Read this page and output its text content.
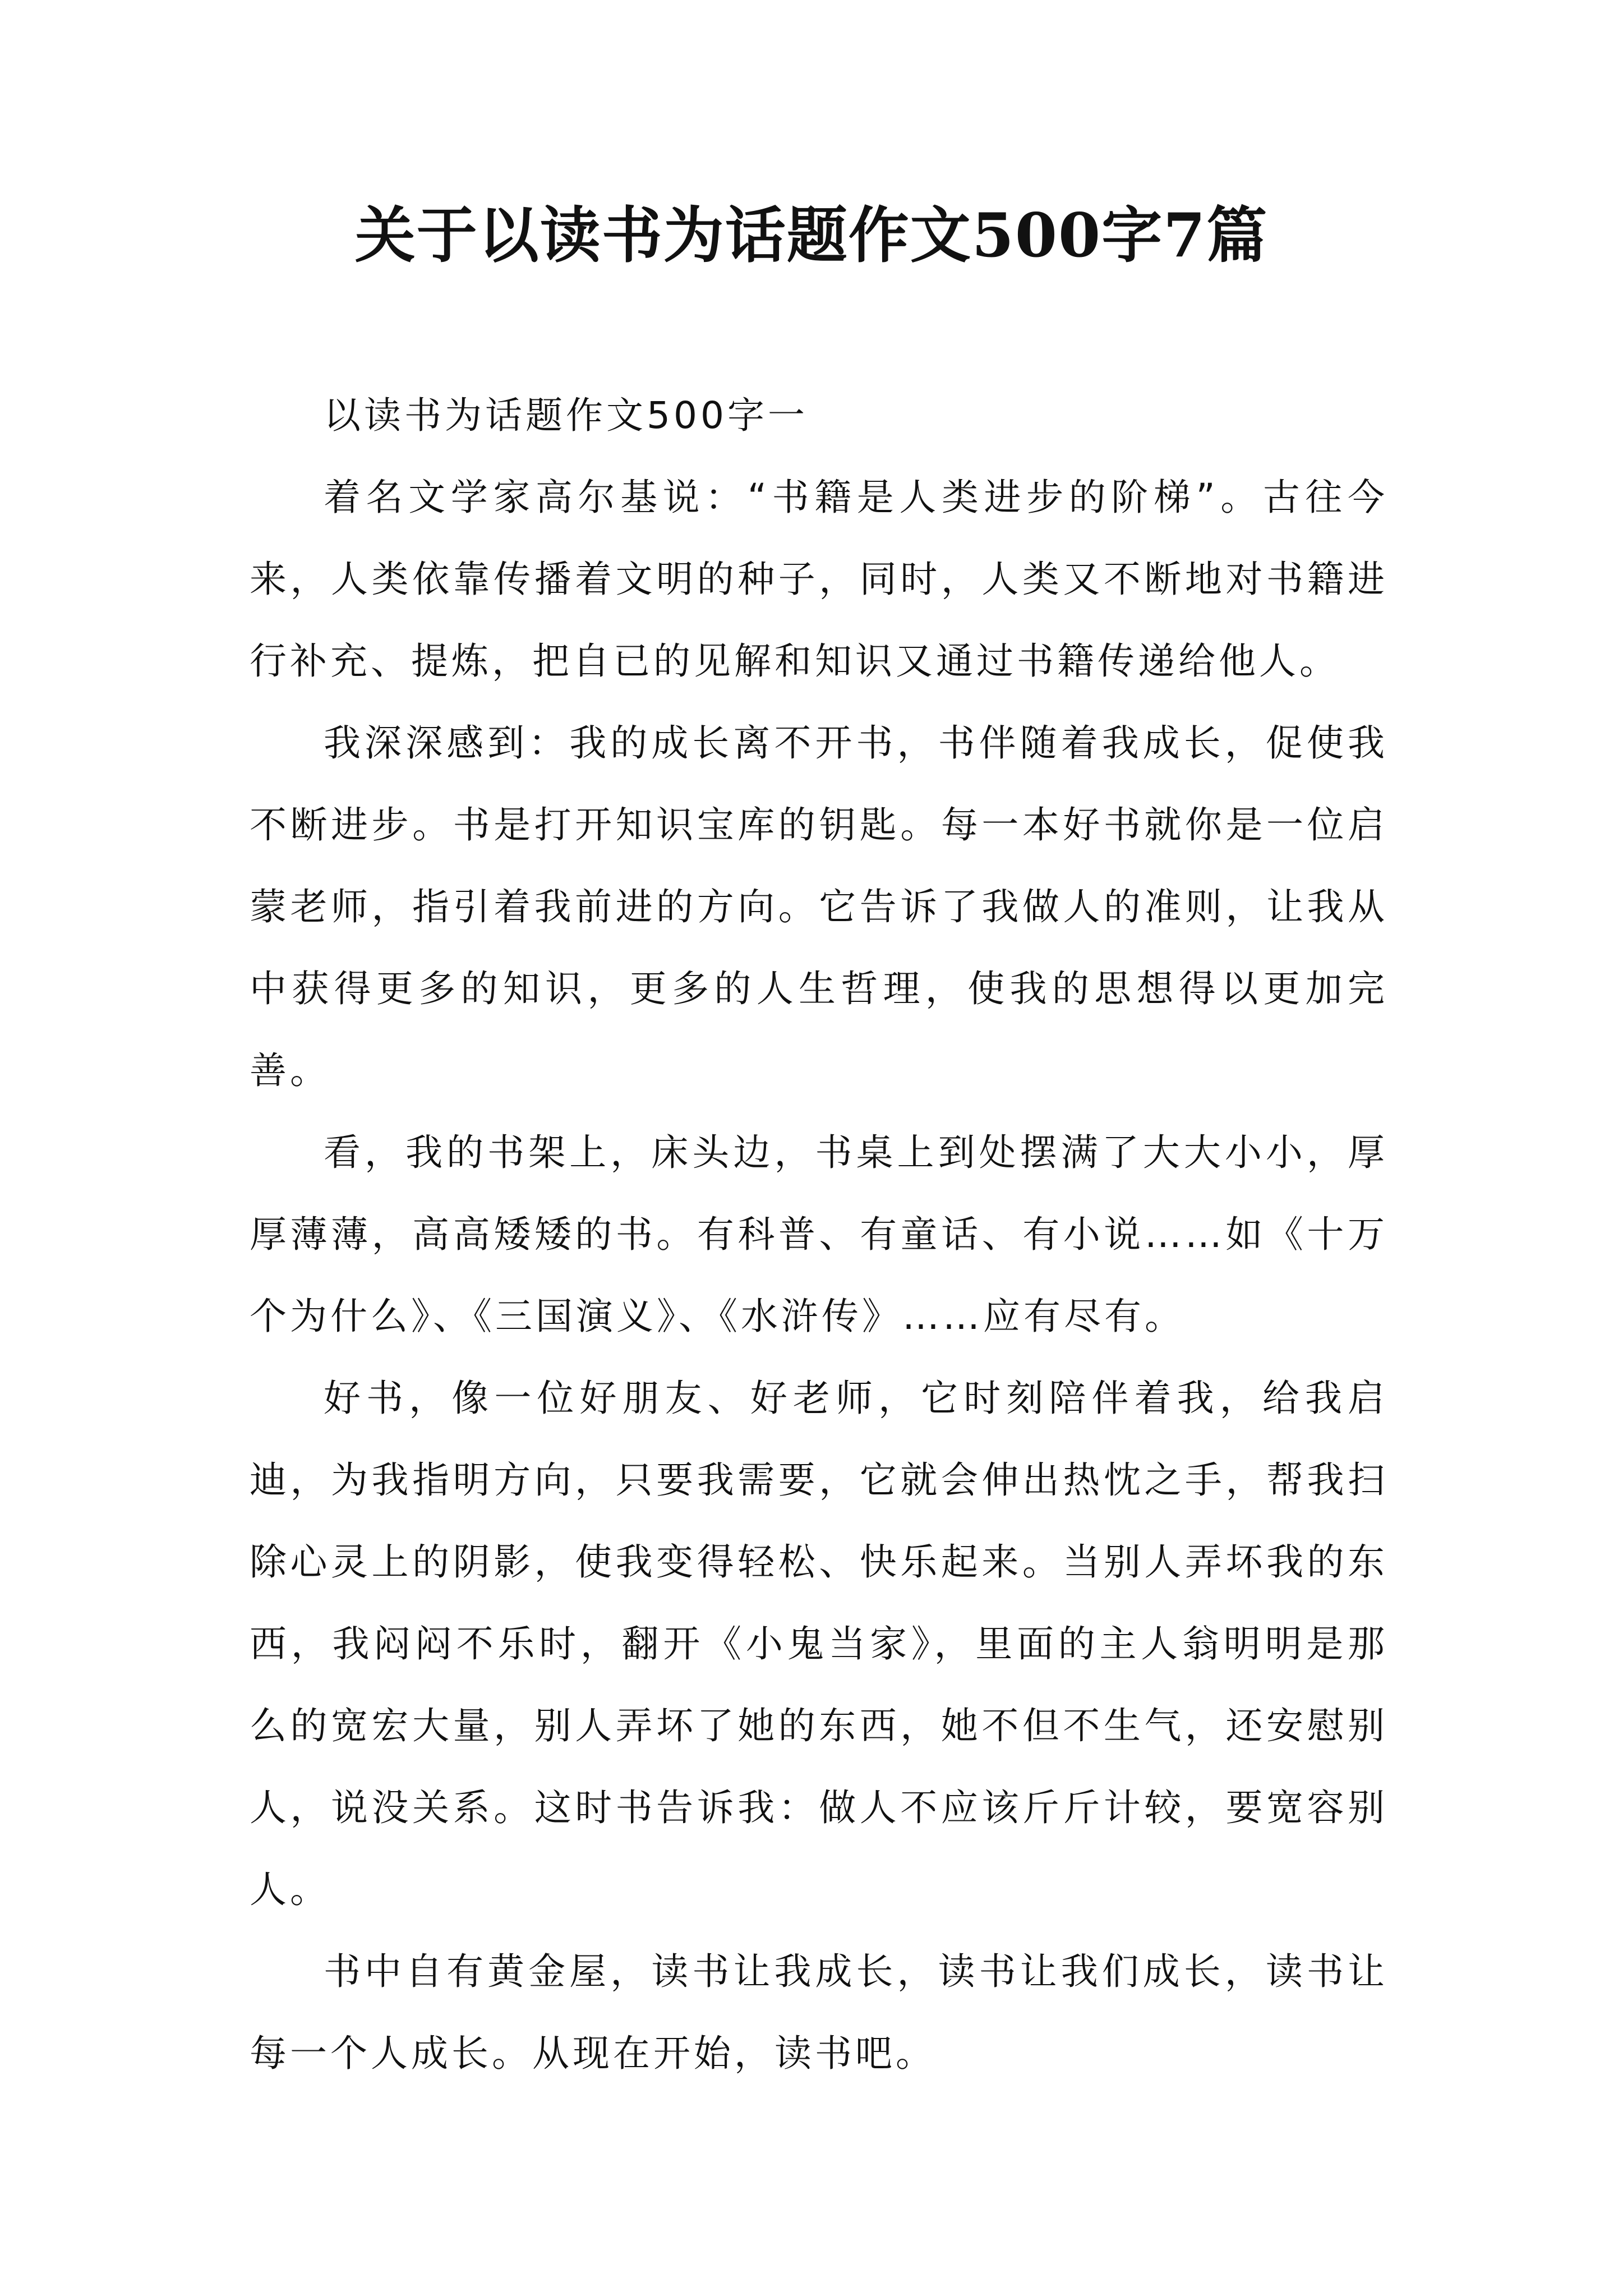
关于以读书为话题作文500字7篇

以读书为话题作文500字一

着名文学家高尔基说：“书籍是人类进步的阶梯”。古往今来，人类依靠传播着文明的种子，同时，人类又不断地对书籍进行补充、提炼，把自已的见解和知识又通过书籍传递给他人。

我深深感到：我的成长离不开书，书伴随着我成长，促使我不断进步。书是打开知识宝库的钥匙。每一本好书就你是一位启蒙老师，指引着我前进的方向。它告诉了我做人的准则，让我从中获得更多的知识，更多的人生哲理，使我的思想得以更加完善。

看，我的书架上，床头边，书桌上到处摆满了大大小小，厚厚薄薄，高高矮矮的书。有科普、有童话、有小说……如《十万个为什么》、《三国演义》、《水浒传》……应有尽有。

好书，像一位好朋友、好老师，它时刻陪伴着我，给我启迪，为我指明方向，只要我需要，它就会伸出热忱之手，帮我扫除心灵上的阴影，使我变得轻松、快乐起来。当别人弄坏我的东西，我闷闷不乐时，翻开《小鬼当家》，里面的主人翁明明是那么的宽宏大量，别人弄坏了她的东西，她不但不生气，还安慰别人，说没关系。这时书告诉我：做人不应该斤斤计较，要宽容别人。

书中自有黄金屋，读书让我成长，读书让我们成长，读书让每一个人成长。从现在开始，读书吧。
